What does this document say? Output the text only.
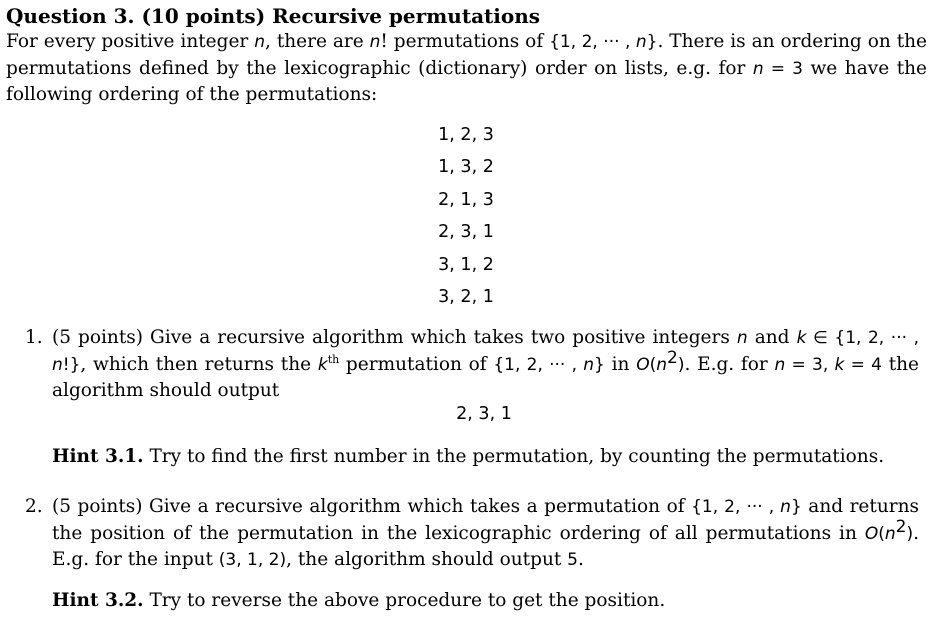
Question 3. (10 points) Recursive permutations
For every positive integer n, there are n! permutations of {1, 2, ··· , n}. There is an ordering on the permutations defined by the lexicographic (dictionary) order on lists, e.g. for n = 3 we have the following ordering of the permutations:
1, 2, 3
1, 3, 2
2, 1, 3
2, 3, 1
3, 1, 2
3, 2, 1
1. (5 points) Give a recursive algorithm which takes two positive integers n and k ∈ {1, 2, ··· , n!}, which then returns the $k^{th}$ permutation of {1, 2, ··· , n} in $O(n^2)$. E.g. for n = 3, k = 4 the algorithm should output
2, 3, 1
Hint 3.1. Try to find the first number in the permutation, by counting the permutations.
2. (5 points) Give a recursive algorithm which takes a permutation of {1, 2, ··· , n} and returns the position of the permutation in the lexicographic ordering of all permutations in $O(n^2)$. E.g. for the input (3, 1, 2), the algorithm should output 5.
Hint 3.2. Try to reverse the above procedure to get the position.
